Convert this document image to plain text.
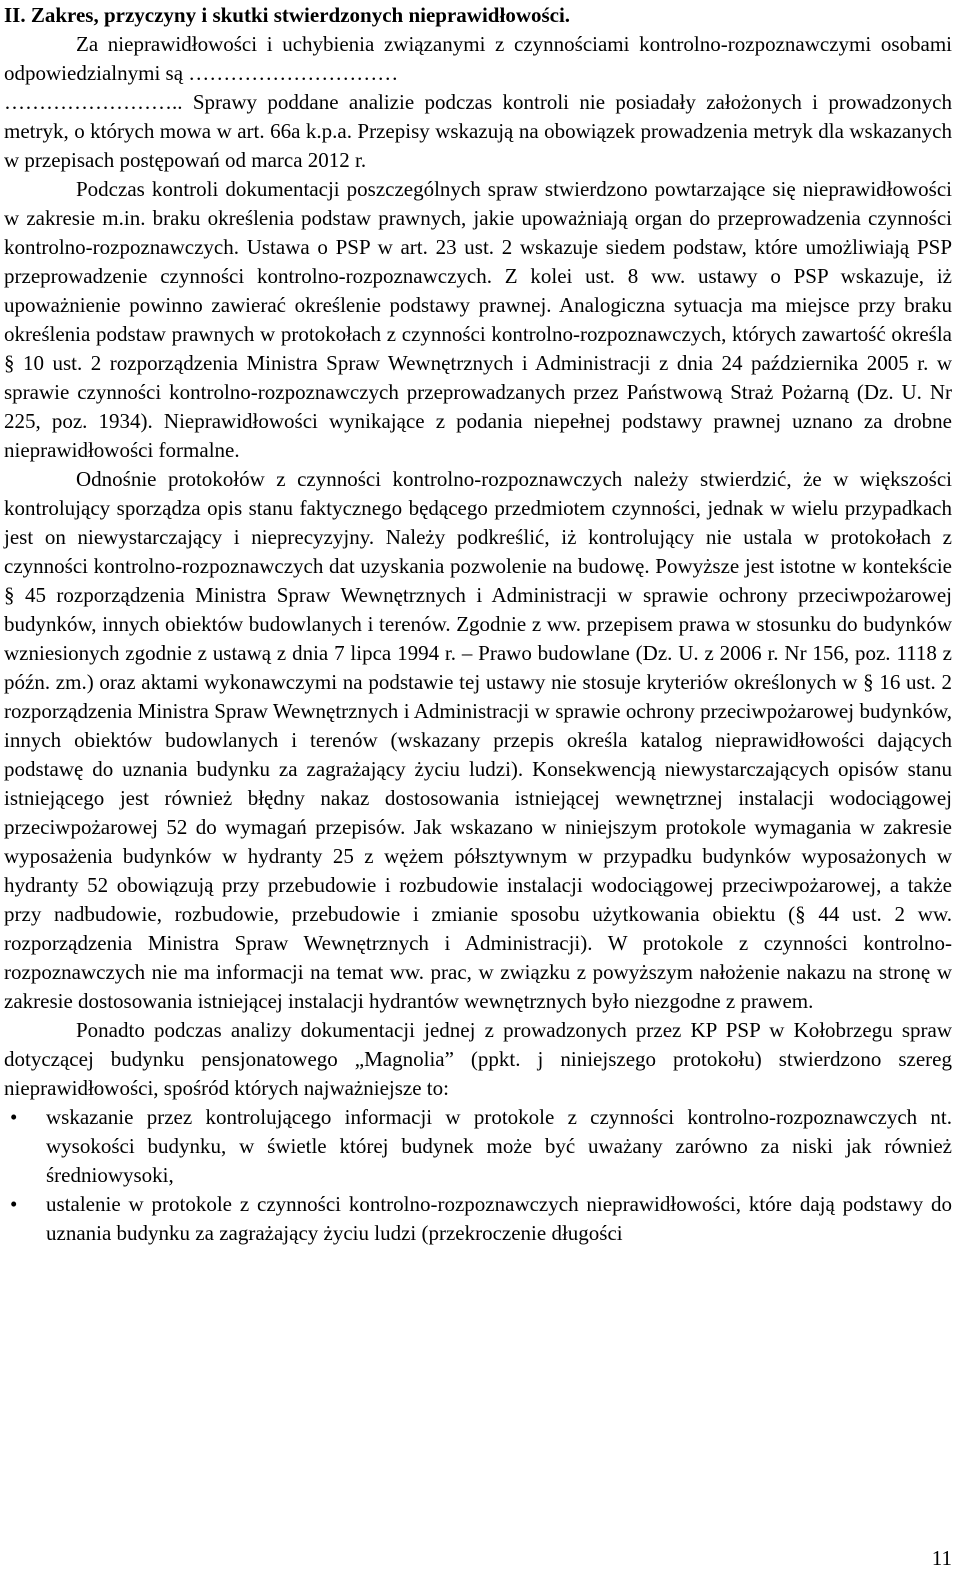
II. Zakres, przyczyny i skutki stwierdzonych nieprawidłowości.

Za nieprawidłowości i uchybienia związanymi z czynnościami kontrolno-rozpoznawczymi osobami odpowiedzialnymi są …………………………

…………………….. Sprawy poddane analizie podczas kontroli nie posiadały założonych i prowadzonych metryk, o których mowa w art. 66a k.p.a. Przepisy wskazują na obowiązek prowadzenia metryk dla wskazanych w przepisach postępowań od marca 2012 r.

Podczas kontroli dokumentacji poszczególnych spraw stwierdzono powtarzające się nieprawidłowości w zakresie m.in. braku określenia podstaw prawnych, jakie upoważniają organ do przeprowadzenia czynności kontrolno-rozpoznawczych. Ustawa o PSP w art. 23 ust. 2 wskazuje siedem podstaw, które umożliwiają PSP przeprowadzenie czynności kontrolno-rozpoznawczych. Z kolei ust. 8 ww. ustawy o PSP wskazuje, iż upoważnienie powinno zawierać określenie podstawy prawnej. Analogiczna sytuacja ma miejsce przy braku określenia podstaw prawnych w protokołach z czynności kontrolno-rozpoznawczych, których zawartość określa § 10 ust. 2 rozporządzenia Ministra Spraw Wewnętrznych i Administracji z dnia 24 października 2005 r. w sprawie czynności kontrolno-rozpoznawczych przeprowadzanych przez Państwową Straż Pożarną (Dz. U. Nr 225, poz. 1934). Nieprawidłowości wynikające z podania niepełnej podstawy prawnej uznano za drobne nieprawidłowości formalne.

Odnośnie protokołów z czynności kontrolno-rozpoznawczych należy stwierdzić, że w większości kontrolujący sporządza opis stanu faktycznego będącego przedmiotem czynności, jednak w wielu przypadkach jest on niewystarczający i nieprecyzyjny. Należy podkreślić, iż kontrolujący nie ustala w protokołach z czynności kontrolno-rozpoznawczych dat uzyskania pozwolenie na budowę. Powyższe jest istotne w kontekście § 45 rozporządzenia Ministra Spraw Wewnętrznych i Administracji w sprawie ochrony przeciwpożarowej budynków, innych obiektów budowlanych i terenów. Zgodnie z ww. przepisem prawa w stosunku do budynków wzniesionych zgodnie z ustawą z dnia 7 lipca 1994 r. – Prawo budowlane (Dz. U. z 2006 r. Nr 156, poz. 1118 z późn. zm.) oraz aktami wykonawczymi na podstawie tej ustawy nie stosuje kryteriów określonych w § 16 ust. 2 rozporządzenia Ministra Spraw Wewnętrznych i Administracji w sprawie ochrony przeciwpożarowej budynków, innych obiektów budowlanych i terenów (wskazany przepis określa katalog nieprawidłowości dających podstawę do uznania budynku za zagrażający życiu ludzi). Konsekwencją niewystarczających opisów stanu istniejącego jest również błędny nakaz dostosowania istniejącej wewnętrznej instalacji wodociągowej przeciwpożarowej 52 do wymagań przepisów. Jak wskazano w niniejszym protokole wymagania w zakresie wyposażenia budynków w hydranty 25 z wężem półsztywnym w przypadku budynków wyposażonych w hydranty 52 obowiązują przy przebudowie i rozbudowie instalacji wodociągowej przeciwpożarowej, a także przy nadbudowie, rozbudowie, przebudowie i zmianie sposobu użytkowania obiektu (§ 44 ust. 2 ww. rozporządzenia Ministra Spraw Wewnętrznych i Administracji). W protokole z czynności kontrolno-rozpoznawczych nie ma informacji na temat ww. prac, w związku z powyższym nałożenie nakazu na stronę w zakresie dostosowania istniejącej instalacji hydrantów wewnętrznych było niezgodne z prawem.

Ponadto podczas analizy dokumentacji jednej z prowadzonych przez KP PSP w Kołobrzegu spraw dotyczącej budynku pensjonatowego „Magnolia” (ppkt. j niniejszego protokołu) stwierdzono szereg nieprawidłowości, spośród których najważniejsze to:

• wskazanie przez kontrolującego informacji w protokole z czynności kontrolno-rozpoznawczych nt. wysokości budynku, w świetle której budynek może być uważany zarówno za niski jak również średniowysoki,
• ustalenie w protokole z czynności kontrolno-rozpoznawczych nieprawidłowości, które dają podstawy do uznania budynku za zagrażający życiu ludzi (przekroczenie długości
11
